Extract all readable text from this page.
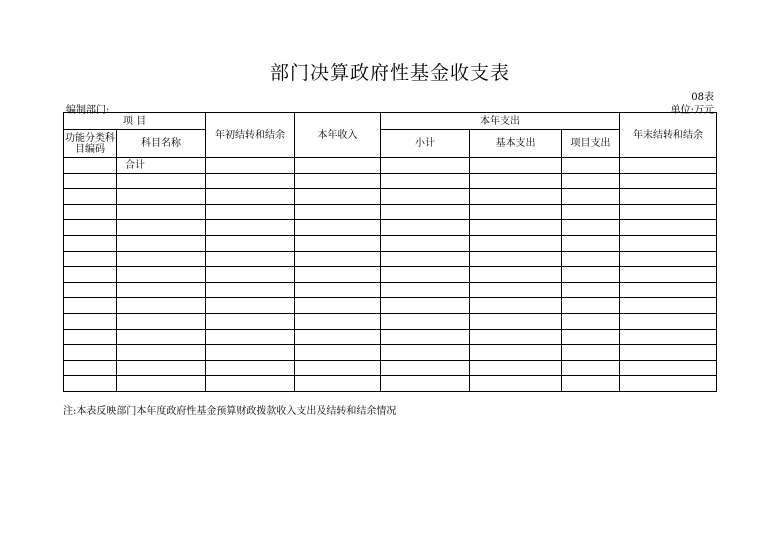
部门决算政府性基金收支表
08表
编制部门:	单位:万元
项 目		年初结转和结余	本年收入	本年支出			年末结转和结余
功能分类科目编码	科目名称			小计	基本支出	项目支出	
	合计						

注:本表反映部门本年度政府性基金预算财政拨款收入支出及结转和结余情况
